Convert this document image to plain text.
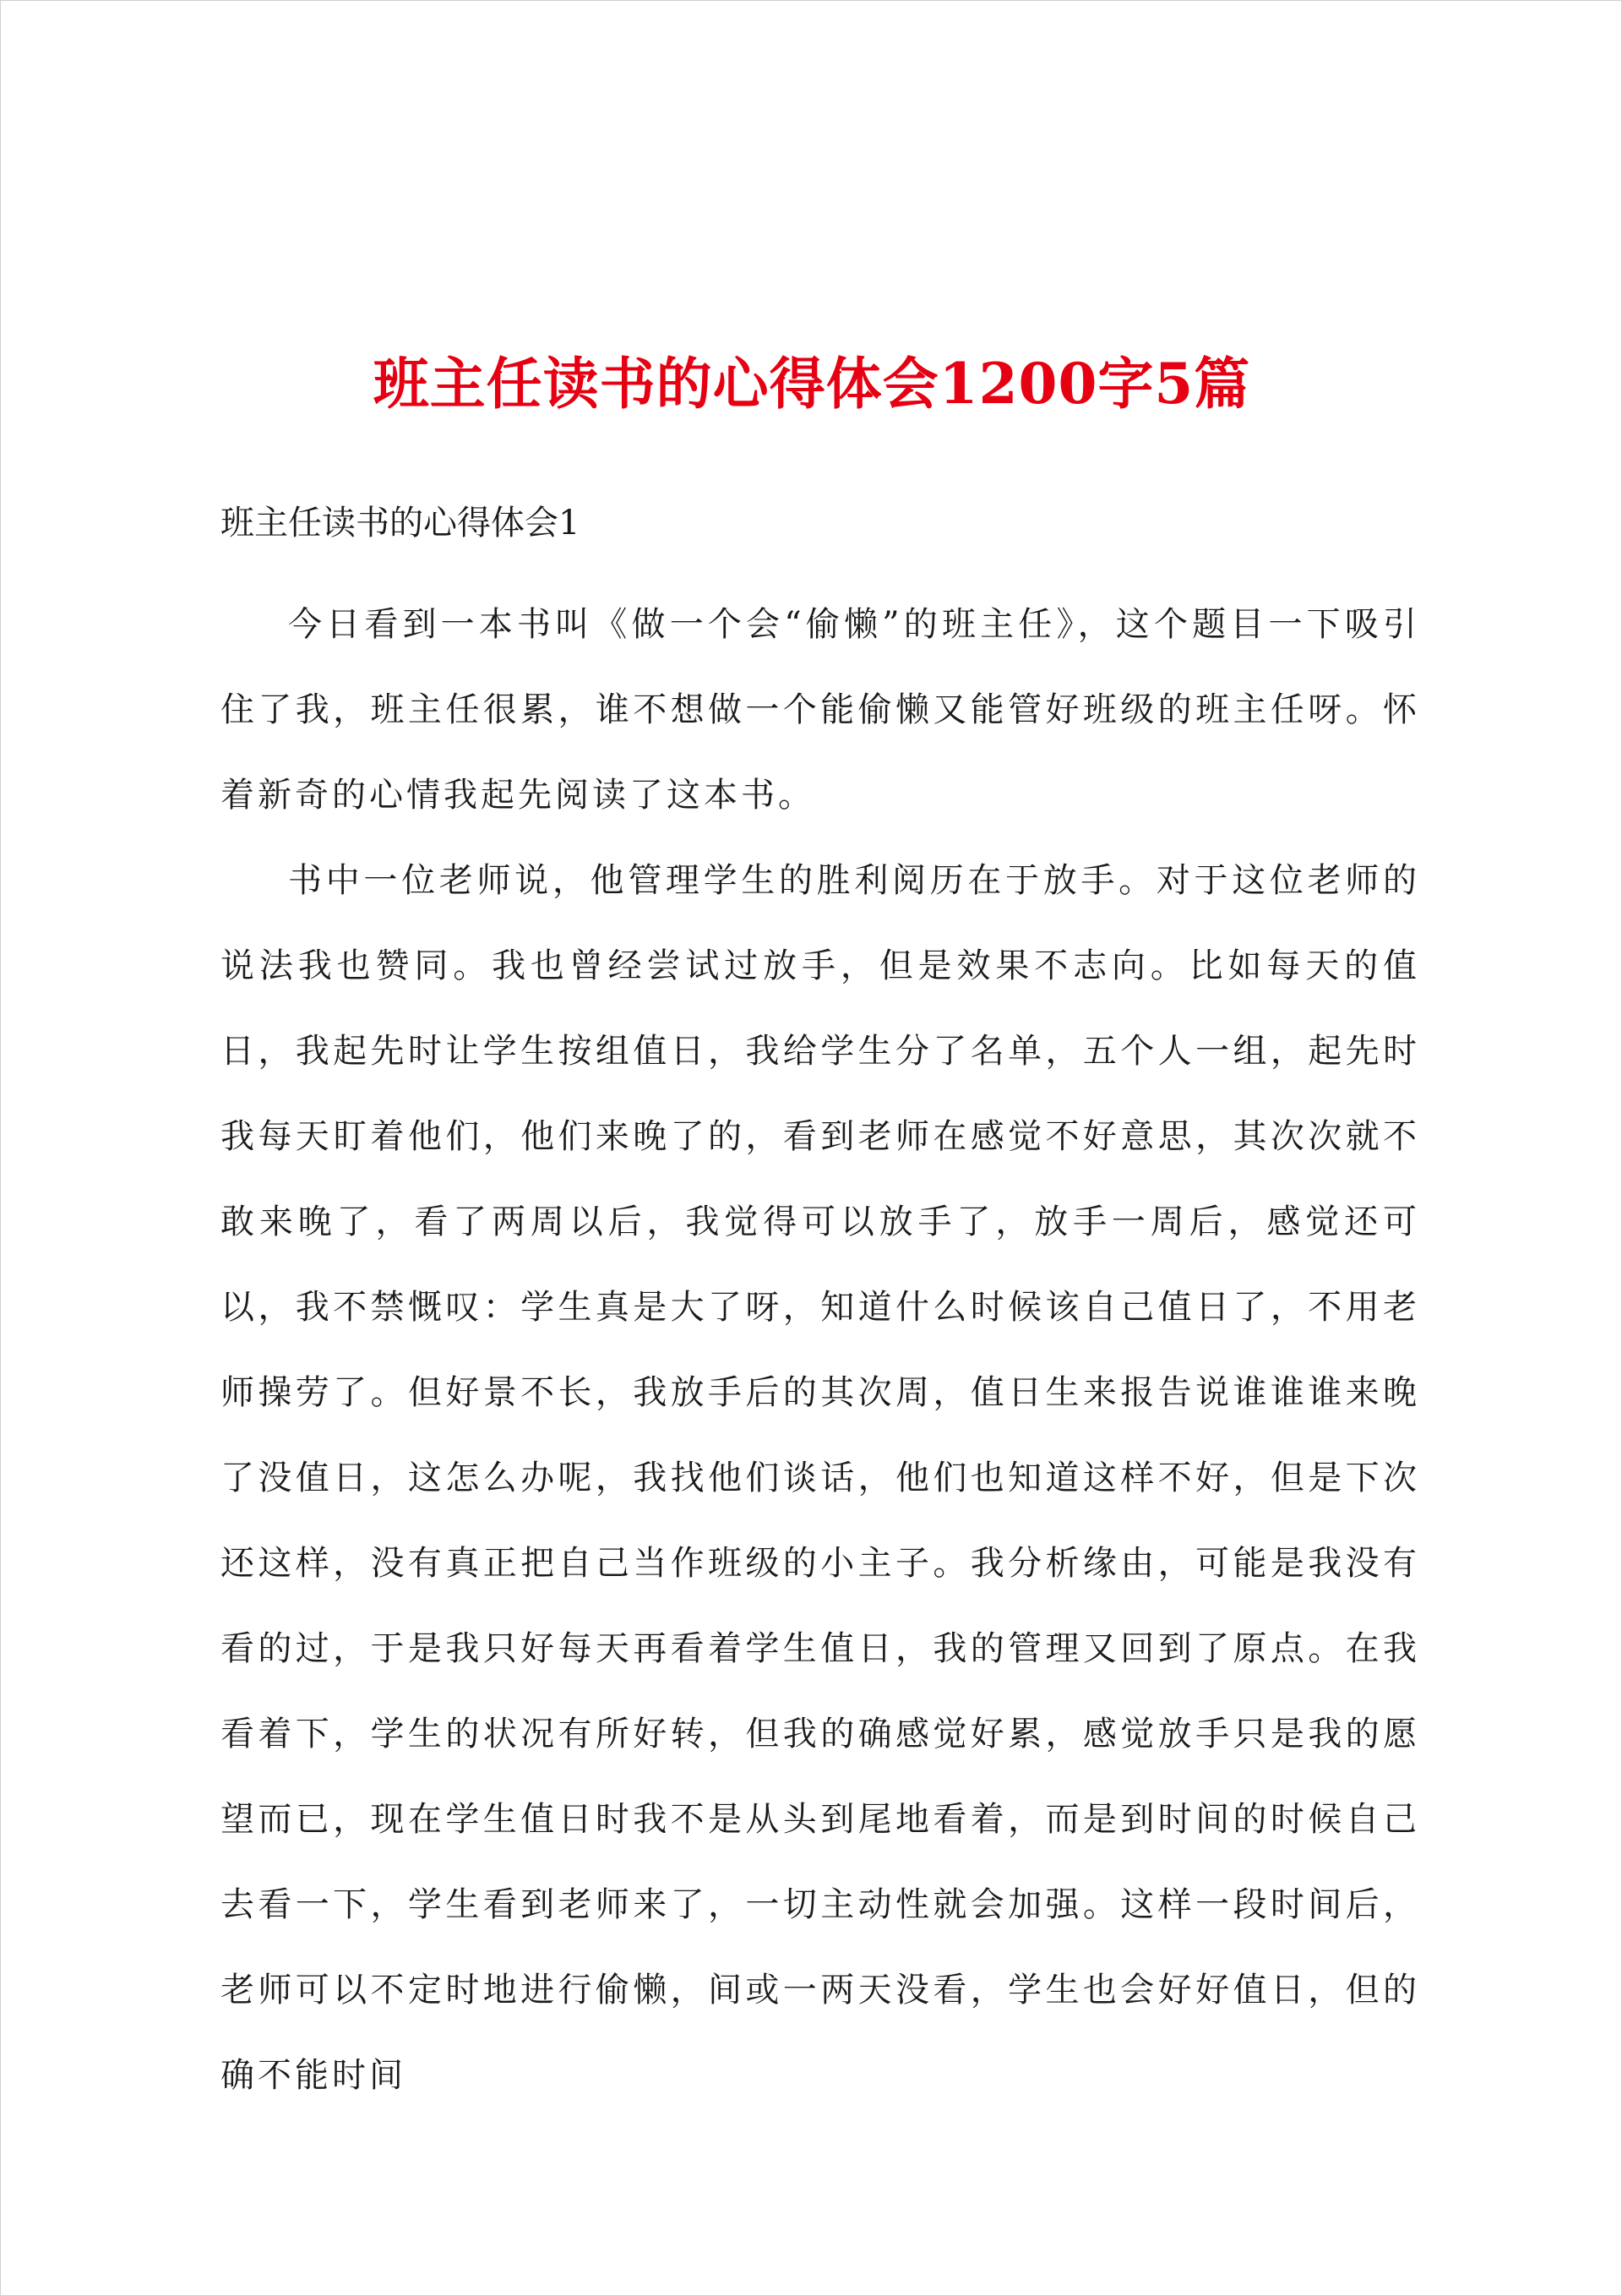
班主任读书的心得体会1200字5篇

班主任读书的心得体会1

今日看到一本书叫《做一个会“偷懒”的班主任》，这个题目一下吸引住了我，班主任很累，谁不想做一个能偷懒又能管好班级的班主任呀。怀着新奇的心情我起先阅读了这本书。

书中一位老师说，他管理学生的胜利阅历在于放手。对于这位老师的说法我也赞同。我也曾经尝试过放手，但是效果不志向。比如每天的值日，我起先时让学生按组值日，我给学生分了名单，五个人一组，起先时我每天盯着他们，他们来晚了的，看到老师在感觉不好意思，其次次就不敢来晚了，看了两周以后，我觉得可以放手了，放手一周后，感觉还可以，我不禁慨叹：学生真是大了呀，知道什么时候该自己值日了，不用老师操劳了。但好景不长，我放手后的其次周，值日生来报告说谁谁谁来晚了没值日，这怎么办呢，我找他们谈话，他们也知道这样不好，但是下次还这样，没有真正把自己当作班级的小主子。我分析缘由，可能是我没有看的过，于是我只好每天再看着学生值日，我的管理又回到了原点。在我看着下，学生的状况有所好转，但我的确感觉好累，感觉放手只是我的愿望而已，现在学生值日时我不是从头到尾地看着，而是到时间的时候自己去看一下，学生看到老师来了，一切主动性就会加强。这样一段时间后，老师可以不定时地进行偷懒，间或一两天没看，学生也会好好值日，但的确不能时间
